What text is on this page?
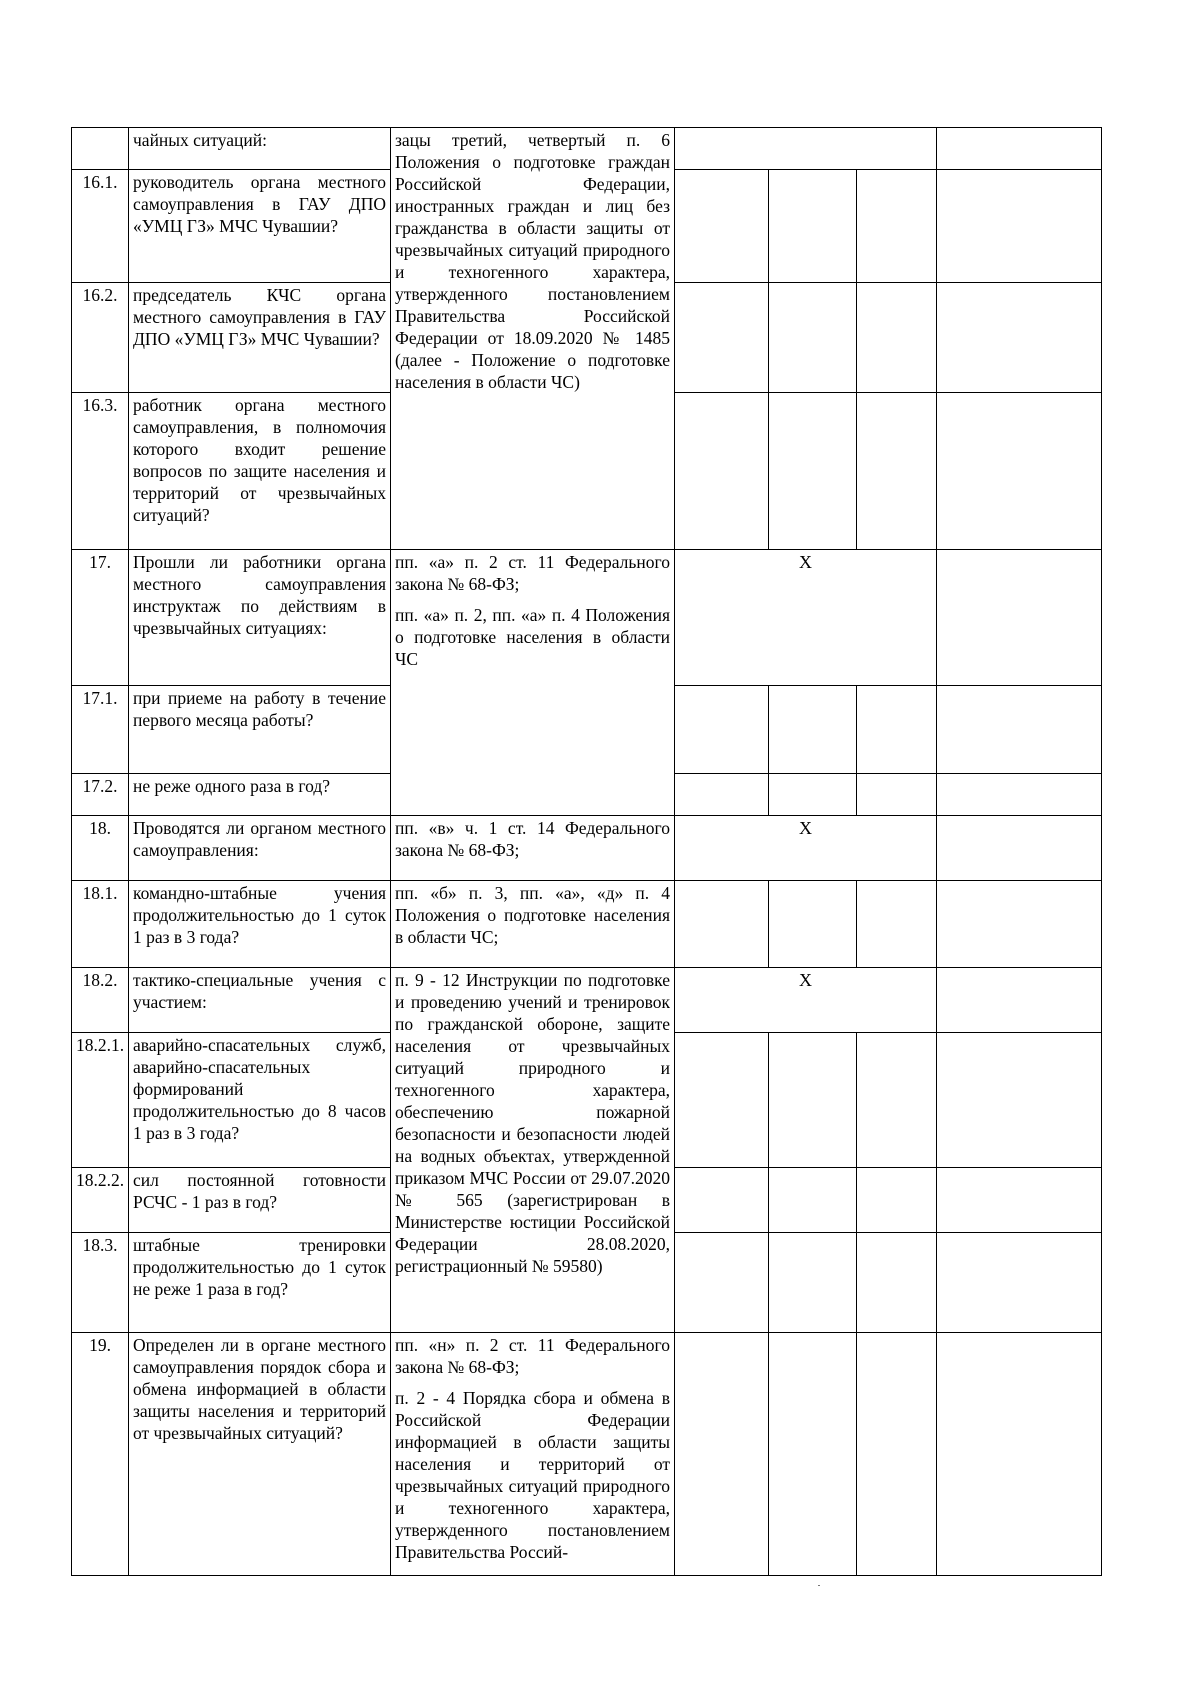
	чайных ситуаций:	зацы третий, четвертый п. 6 Положения о подготовке граждан Российской Федерации, иностранных граждан и лиц без гражданства в области защиты от чрезвычайных ситуаций природного и техногенного характера, утвержденного постановлением Правительства Российской Федерации от 18.09.2020 № 1485 (далее - Положение о подготовке населения в области ЧС)				

16.1.	руководитель органа местного самоуправления в ГАУ ДПО «УМЦ ГЗ» МЧС Чувашии?					
16.2.	председатель КЧС органа местного самоуправления в ГАУ ДПО «УМЦ ГЗ» МЧС Чувашии?					
16.3.	работник органа местного самоуправления, в полномочия которого входит решение вопросов по защите населения и территорий от чрезвычайных ситуаций?					
17.	Прошли ли работники органа местного самоуправления инструктаж по действиям в чрезвычайных ситуациях:	пп. «а» п. 2 ст. 11 Федерального закона № 68-ФЗ;

пп. «а» п. 2, пп. «а» п. 4 Положения о подготовке населения в области ЧС	X			
17.1.	при приеме на работу в течение первого месяца работы?					
17.2.	не реже одного раза в год?					
18.	Проводятся ли органом местного самоуправления:	пп. «в» ч. 1 ст. 14 Федерального закона № 68-ФЗ;	X			
18.1.	командно-штабные учения продолжительностью до 1 суток 1 раз в 3 года?	пп. «б» п. 3, пп. «а», «д» п. 4 Положения о подготовке населения в области ЧС;				

18.2.	тактико-специальные учения с участием:	п. 9 - 12 Инструкции по подготовке и проведению учений и тренировок по гражданской обороне, защите населения от чрезвычайных ситуаций природного и техногенного характера, обеспечению пожарной безопасности и безопасности людей на водных объектах, утвержденной приказом МЧС России от 29.07.2020 № 565 (зарегистрирован в Министерстве юстиции Российской Федерации 28.08.2020, регистрационный № 59580)	X			
18.2.1.	аварийно-спасательных служб, аварийно-спасательных формирований продолжительностью до 8 часов 1 раз в 3 года?					
18.2.2.	сил постоянной готовности РСЧС - 1 раз в год?					
18.3.	штабные тренировки продолжительностью до 1 суток не реже 1 раза в год?					
19.	Определен ли в органе местного самоуправления порядок сбора и обмена информацией в области защиты населения и территорий от чрезвычайных ситуаций?	пп. «н» п. 2 ст. 11 Федерального закона № 68-ФЗ;

п. 2 - 4 Порядка сбора и обмена в Российской Федерации информацией в области защиты населения и территорий от чрезвычайных ситуаций природного и техногенного характера, утвержденного постановлением Правительства Россий-				
